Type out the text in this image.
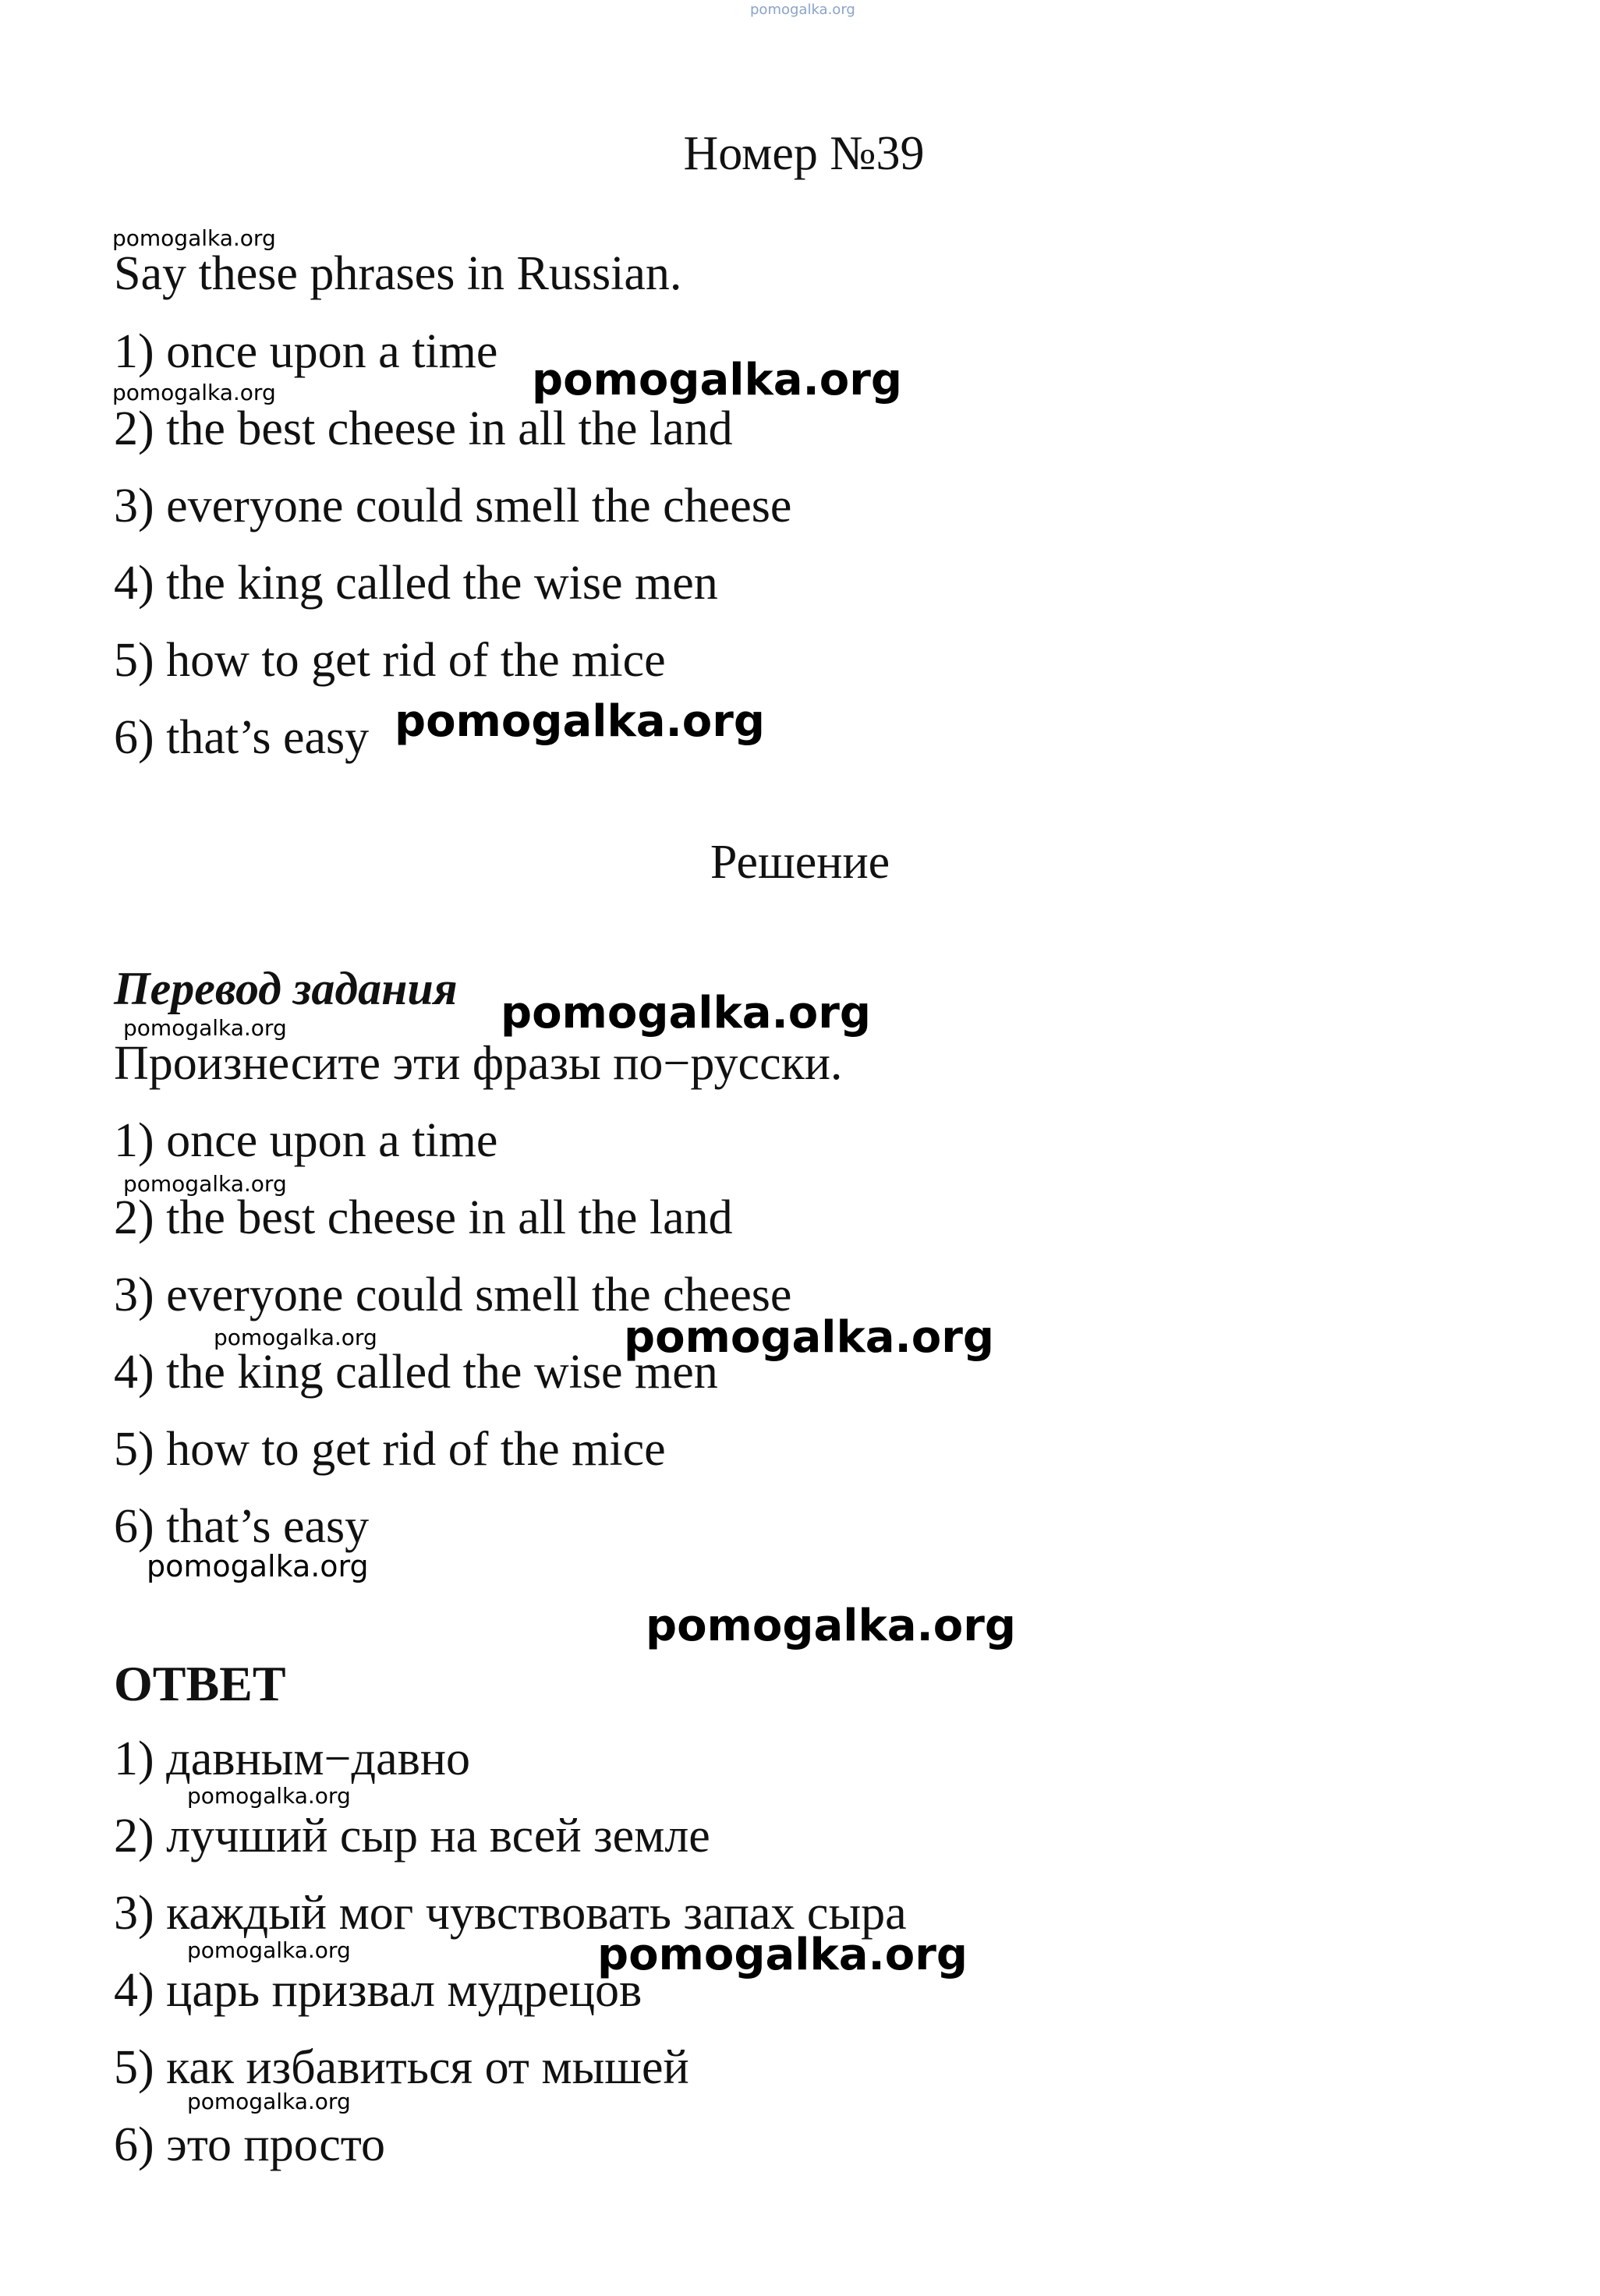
pomogalka.org
Номер №39
Say these phrases in Russian.
1) once upon a time
2) the best cheese in all the land
3) everyone could smell the cheese
4) the king called the wise men
5) how to get rid of the mice
6) that’s easy
Решение
Перевод задания
Произнесите эти фразы по−русски.
1) once upon a time
2) the best cheese in all the land
3) everyone could smell the cheese
4) the king called the wise men
5) how to get rid of the mice
6) that’s easy
ОТВЕТ
1) давным−давно
2) лучший сыр на всей земле
3) каждый мог чувствовать запах сыра
4) царь призвал мудрецов
5) как избавиться от мышей
6) это просто
pomogalka.org
pomogalka.org	pomogalka.org
pomogalka.org
pomogalka.org
pomogalka.org
pomogalka.org
pomogalka.org
pomogalka.org
pomogalka.org
pomogalka.org
pomogalka.org
pomogalka.org	pomogalka.org
pomogalka.org
